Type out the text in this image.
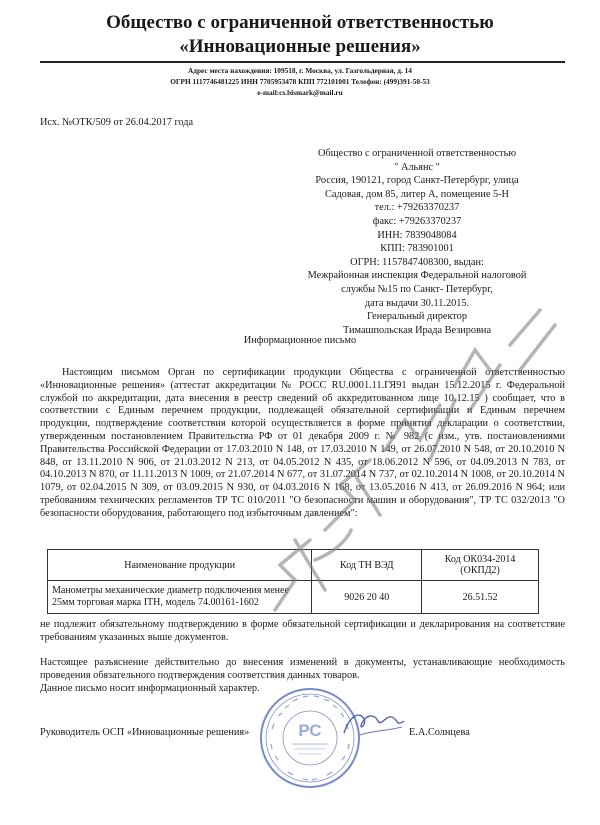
Общество с ограниченной ответственностью
«Инновационные решения»
Адрес места нахождения: 109518, г. Москва, ул. Газгольдерная, д. 14
ОГРН 1117746481225 ИНН 7705953478 КПП 772101001 Телефон: (499)391-50-53
e-mail:cs.bismark@mail.ru
Исх. №ОТК/509 от 26.04.2017 года
Общество с ограниченной ответственностью
" Альянс "
Россия, 190121, город Санкт-Петербург, улица
Садовая, дом 85, литер А, помещение 5-Н
тел.: +79263370237
факс: +79263370237
ИНН: 7839048084
КПП: 783901001
ОГРН: 1157847408300, выдан:
Межрайонная инспекция Федеральной налоговой
службы №15 по Санкт- Петербург,
дата выдачи 30.11.2015.
Генеральный директор
Тимашпольская Ирада Везировна
Информационное письмо
Настоящим письмом Орган по сертификации продукции Общества с ограниченной ответственностью «Инновационные решения» (аттестат аккредитации № РОСС RU.0001.11.ГЯ91 выдан 15.12.2015 г. Федеральной службой по аккредитации, дата внесения в реестр сведений об аккредитованном лице 10.12.15 ) сообщает, что в соответствии с Единым перечнем продукции, подлежащей обязательной сертификации и Единым перечнем продукции, подтверждение соответствия которой осуществляется в форме принятия декларации о соответствии, утвержденным постановлением Правительства РФ от 01 декабря 2009 г. № 982 (с изм., утв. постановлениями Правительства Российской Федерации от 17.03.2010 N 148, от 17.03.2010 N 149, от 26.07.2010 N 548, от 20.10.2010 N 848, от 13.11.2010 N 906, от 21.03.2012 N 213, от 04.05.2012 N 435, от 18.06.2012 N 596, от 04.09.2013 N 783, от 04.10.2013 N 870, от 11.11.2013 N 1009, от 21.07.2014 N 677, от 31.07.2014 N 737, от 02.10.2014 N 1008, от 20.10.2014 N 1079, от 02.04.2015 N 309, от 03.09.2015 N 930, от 04.03.2016 N 168, от 13.05.2016 N 413, от 26.09.2016 N 964; или требованиям технических регламентов ТР ТС 010/2011 "О безопасности машин и оборудования", ТР ТС 032/2013 "О безопасности оборудования, работающего под избыточным давлением":
Наименование продукции	Код ТН ВЭД	Код ОК034-2014 (ОКПД2)
Манометры механические диаметр подключения менее 25мм торговая марка ITH, модель 74.00161-1602	9026 20 40	26.51.52
не подлежит обязательному подтверждению в форме обязательной сертификации и декларирования на соответствие требованиям указанных выше документов.
Настоящее разъяснение действительно до внесения изменений в документы, устанавливающие необходимость проведения обязательного подтверждения соответствия данных товаров.
Данное письмо носит информационный характер.
Руководитель ОСП «Инновационные решения»	Е.А.Солнцева
РС
